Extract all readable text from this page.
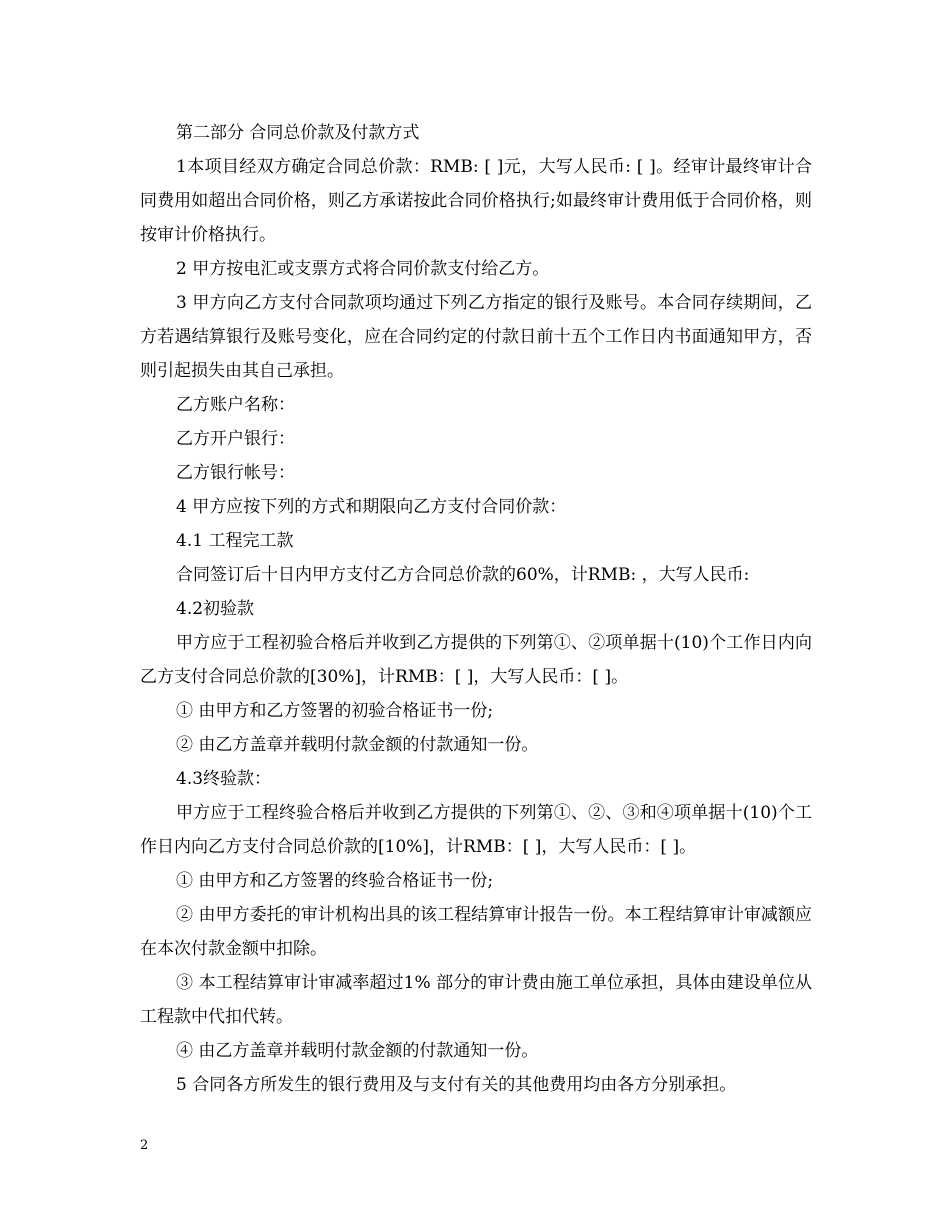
第二部分 合同总价款及付款方式

1本项目经双方确定合同总价款：RMB: [ ]元，大写人民币: [ ]。经审计最终审计合同费用如超出合同价格，则乙方承诺按此合同价格执行;如最终审计费用低于合同价格，则按审计价格执行。

2 甲方按电汇或支票方式将合同价款支付给乙方。

3 甲方向乙方支付合同款项均通过下列乙方指定的银行及账号。本合同存续期间，乙方若遇结算银行及账号变化，应在合同约定的付款日前十五个工作日内书面通知甲方，否则引起损失由其自己承担。

乙方账户名称：

乙方开户银行：

乙方银行帐号：

4 甲方应按下列的方式和期限向乙方支付合同价款：

4.1 工程完工款

合同签订后十日内甲方支付乙方合同总价款的60%，计RMB: ，大写人民币:

4.2初验款

甲方应于工程初验合格后并收到乙方提供的下列第①、②项单据十(10)个工作日内向乙方支付合同总价款的[30%]，计RMB：[ ]，大写人民币：[ ]。

① 由甲方和乙方签署的初验合格证书一份;

② 由乙方盖章并载明付款金额的付款通知一份。

4.3终验款：

甲方应于工程终验合格后并收到乙方提供的下列第①、②、③和④项单据十(10)个工作日内向乙方支付合同总价款的[10%]，计RMB：[ ]，大写人民币：[ ]。

① 由甲方和乙方签署的终验合格证书一份;

② 由甲方委托的审计机构出具的该工程结算审计报告一份。本工程结算审计审减额应在本次付款金额中扣除。

③ 本工程结算审计审减率超过1% 部分的审计费由施工单位承担，具体由建设单位从工程款中代扣代转。

④ 由乙方盖章并载明付款金额的付款通知一份。

5 合同各方所发生的银行费用及与支付有关的其他费用均由各方分别承担。

2
